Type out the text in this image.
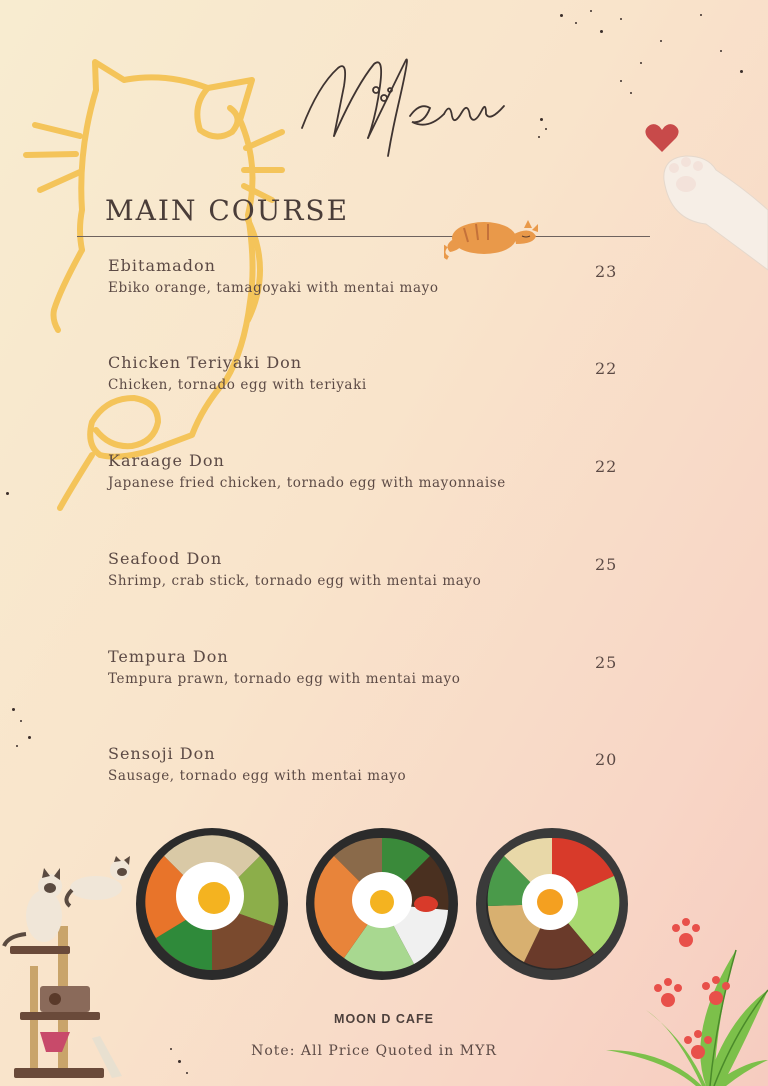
Menu
MAIN COURSE
Ebitamadon
Ebiko orange, tamagoyaki with mentai mayo
23
Chicken Teriyaki Don
Chicken, tornado egg with teriyaki
22
Karaage Don
Japanese fried chicken, tornado egg with mayonnaise
22
Seafood Don
Shrimp, crab stick, tornado egg with mentai mayo
25
Tempura Don
Tempura prawn, tornado egg with mentai mayo
25
Sensoji Don
Sausage, tornado egg with mentai mayo
20
MOON D CAFE
Note: All Price Quoted in MYR
